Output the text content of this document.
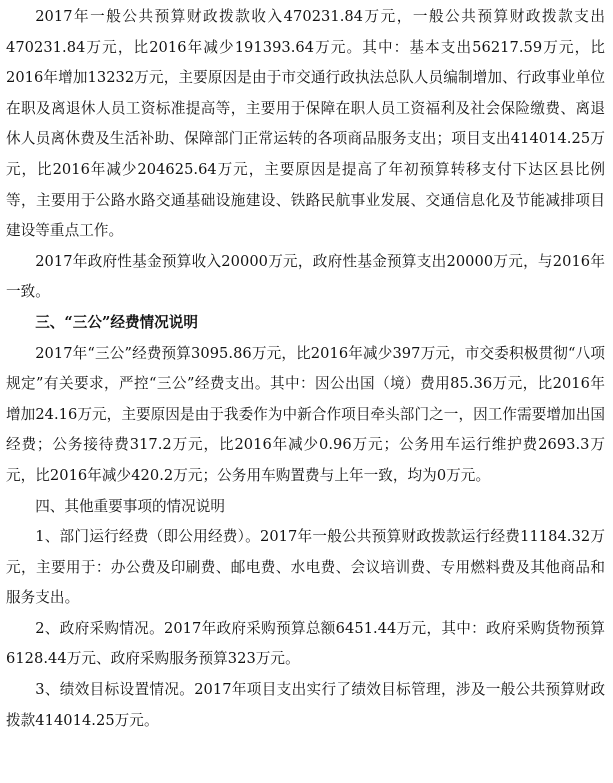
2017年一般公共预算财政拨款收入470231.84万元，一般公共预算财政拨款支出470231.84万元，比2016年减少191393.64万元。其中：基本支出56217.59万元，比2016年增加13232万元，主要原因是由于市交通行政执法总队人员编制增加、行政事业单位在职及离退休人员工资标准提高等，主要用于保障在职人员工资福利及社会保险缴费、离退休人员离休费及生活补助、保障部门正常运转的各项商品服务支出；项目支出414014.25万元，比2016年减少204625.64万元，主要原因是提高了年初预算转移支付下达区县比例等，主要用于公路水路交通基础设施建设、铁路民航事业发展、交通信息化及节能减排项目建设等重点工作。

2017年政府性基金预算收入20000万元，政府性基金预算支出20000万元，与2016年一致。

三、“三公”经费情况说明

2017年“三公”经费预算3095.86万元，比2016年减少397万元，市交委积极贯彻“八项规定”有关要求，严控“三公”经费支出。其中：因公出国（境）费用85.36万元，比2016年增加24.16万元，主要原因是由于我委作为中新合作项目牵头部门之一，因工作需要增加出国经费；公务接待费317.2万元，比2016年减少0.96万元；公务用车运行维护费2693.3万元，比2016年减少420.2万元；公务用车购置费与上年一致，均为0万元。

四、其他重要事项的情况说明

1、部门运行经费（即公用经费）。2017年一般公共预算财政拨款运行经费11184.32万元，主要用于：办公费及印刷费、邮电费、水电费、会议培训费、专用燃料费及其他商品和服务支出。

2、政府采购情况。2017年政府采购预算总额6451.44万元，其中：政府采购货物预算6128.44万元、政府采购服务预算323万元。

3、绩效目标设置情况。2017年项目支出实行了绩效目标管理，涉及一般公共预算财政拨款414014.25万元。
